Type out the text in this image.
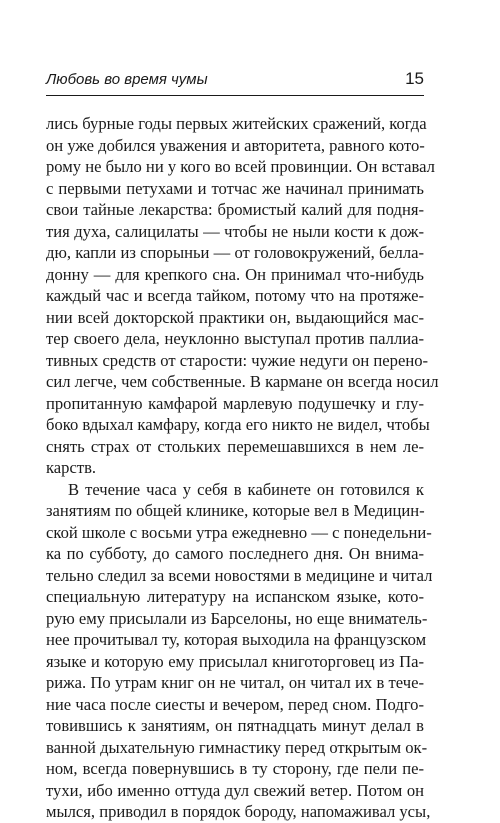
Любовь во время чумы	15
лись бурные годы первых житейских сражений, когда
он уже добился уважения и авторитета, равного кото-
рому не было ни у кого во всей провинции. Он вставал
с первыми петухами и тотчас же начинал принимать
свои тайные лекарства: бромистый калий для подня-
тия духа, салицилаты — чтобы не ныли кости к дож-
дю, капли из спорыньи — от головокружений, белла-
донну — для крепкого сна. Он принимал что-нибудь
каждый час и всегда тайком, потому что на протяже-
нии всей докторской практики он, выдающийся мас-
тер своего дела, неуклонно выступал против паллиа-
тивных средств от старости: чужие недуги он перено-
сил легче, чем собственные. В кармане он всегда носил
пропитанную камфарой марлевую подушечку и глу-
боко вдыхал камфару, когда его никто не видел, чтобы
снять страх от стольких перемешавшихся в нем ле-
карств.
В течение часа у себя в кабинете он готовился к
занятиям по общей клинике, которые вел в Медицин-
ской школе с восьми утра ежедневно — с понедельни-
ка по субботу, до самого последнего дня. Он внима-
тельно следил за всеми новостями в медицине и читал
специальную литературу на испанском языке, кото-
рую ему присылали из Барселоны, но еще вниматель-
нее прочитывал ту, которая выходила на французском
языке и которую ему присылал книготорговец из Па-
рижа. По утрам книг он не читал, он читал их в тече-
ние часа после сиесты и вечером, перед сном. Подго-
товившись к занятиям, он пятнадцать минут делал в
ванной дыхательную гимнастику перед открытым ок-
ном, всегда повернувшись в ту сторону, где пели пе-
тухи, ибо именно оттуда дул свежий ветер. Потом он
мылся, приводил в порядок бороду, напомаживал усы,
